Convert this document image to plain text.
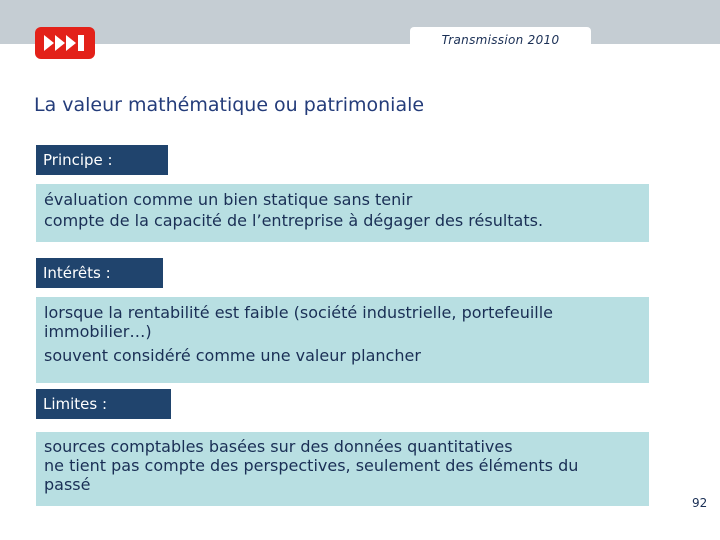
Transmission 2010
La valeur mathématique ou patrimoniale
Principe :
évaluation comme un bien statique sans tenir
compte de la capacité de l’entreprise à dégager des résultats.
Intérêts :
lorsque la rentabilité est faible (société industrielle, portefeuille
immobilier…)
souvent considéré comme une valeur plancher
Limites :
sources comptables basées sur des données quantitatives
ne tient pas compte des perspectives, seulement des éléments du
passé
92
